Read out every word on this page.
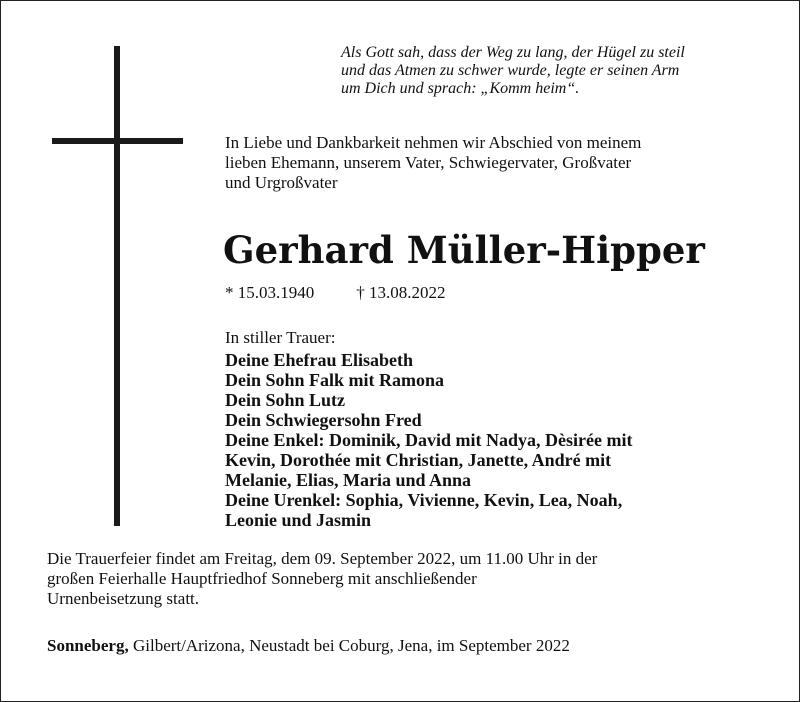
Als Gott sah, dass der Weg zu lang, der Hügel zu steil
und das Atmen zu schwer wurde, legte er seinen Arm
um Dich und sprach: „Komm heim“.
In Liebe und Dankbarkeit nehmen wir Abschied von meinem
lieben Ehemann, unserem Vater, Schwiegervater, Großvater
und Urgroßvater
Gerhard Müller-Hipper
* 15.03.1940 † 13.08.2022
In stiller Trauer:
Deine Ehefrau Elisabeth
Dein Sohn Falk mit Ramona
Dein Sohn Lutz
Dein Schwiegersohn Fred
Deine Enkel: Dominik, David mit Nadya, Dèsirée mit
Kevin, Dorothée mit Christian, Janette, André mit
Melanie, Elias, Maria und Anna
Deine Urenkel: Sophia, Vivienne, Kevin, Lea, Noah,
Leonie und Jasmin
Die Trauerfeier findet am Freitag, dem 09. September 2022, um 11.00 Uhr in der
großen Feierhalle Hauptfriedhof Sonneberg mit anschließender
Urnenbeisetzung statt.
Sonneberg, Gilbert/Arizona, Neustadt bei Coburg, Jena, im September 2022
